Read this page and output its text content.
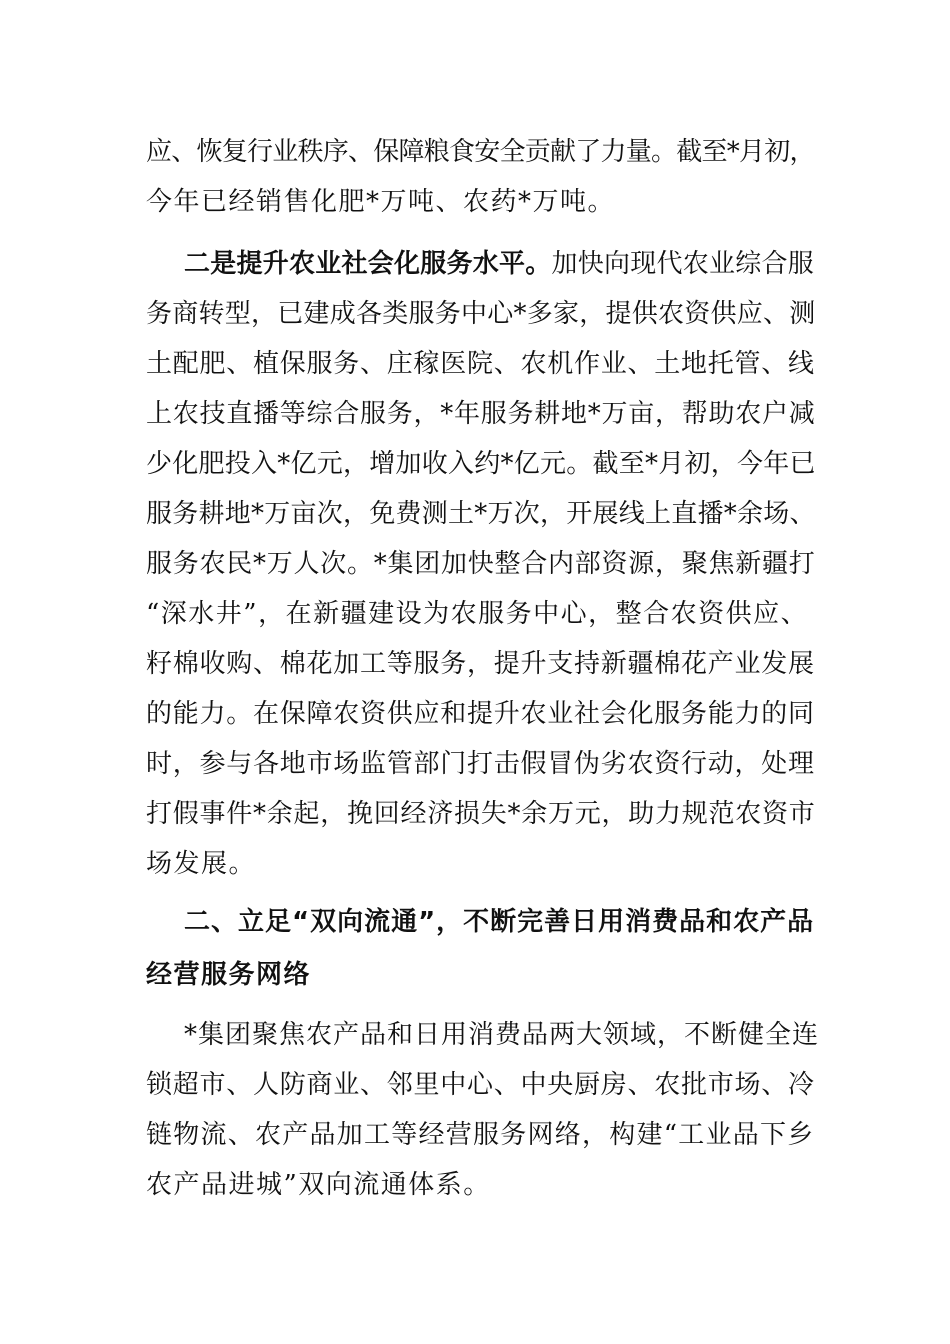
应、恢复行业秩序、保障粮食安全贡献了力量。截至*月初，
今年已经销售化肥*万吨、农药*万吨。
二是提升农业社会化服务水平。加快向现代农业综合服
务商转型，已建成各类服务中心*多家，提供农资供应、测
土配肥、植保服务、庄稼医院、农机作业、土地托管、线
上农技直播等综合服务，*年服务耕地*万亩，帮助农户减
少化肥投入*亿元，增加收入约*亿元。截至*月初，今年已
服务耕地*万亩次，免费测土*万次，开展线上直播*余场、
服务农民*万人次。*集团加快整合内部资源，聚焦新疆打
“深水井”，在新疆建设为农服务中心，整合农资供应、
籽棉收购、棉花加工等服务，提升支持新疆棉花产业发展
的能力。在保障农资供应和提升农业社会化服务能力的同
时，参与各地市场监管部门打击假冒伪劣农资行动，处理
打假事件*余起，挽回经济损失*余万元，助力规范农资市
场发展。
二、立足“双向流通”，不断完善日用消费品和农产品
经营服务网络
*集团聚焦农产品和日用消费品两大领域，不断健全连
锁超市、人防商业、邻里中心、中央厨房、农批市场、冷
链物流、农产品加工等经营服务网络，构建“工业品下乡
农产品进城”双向流通体系。
